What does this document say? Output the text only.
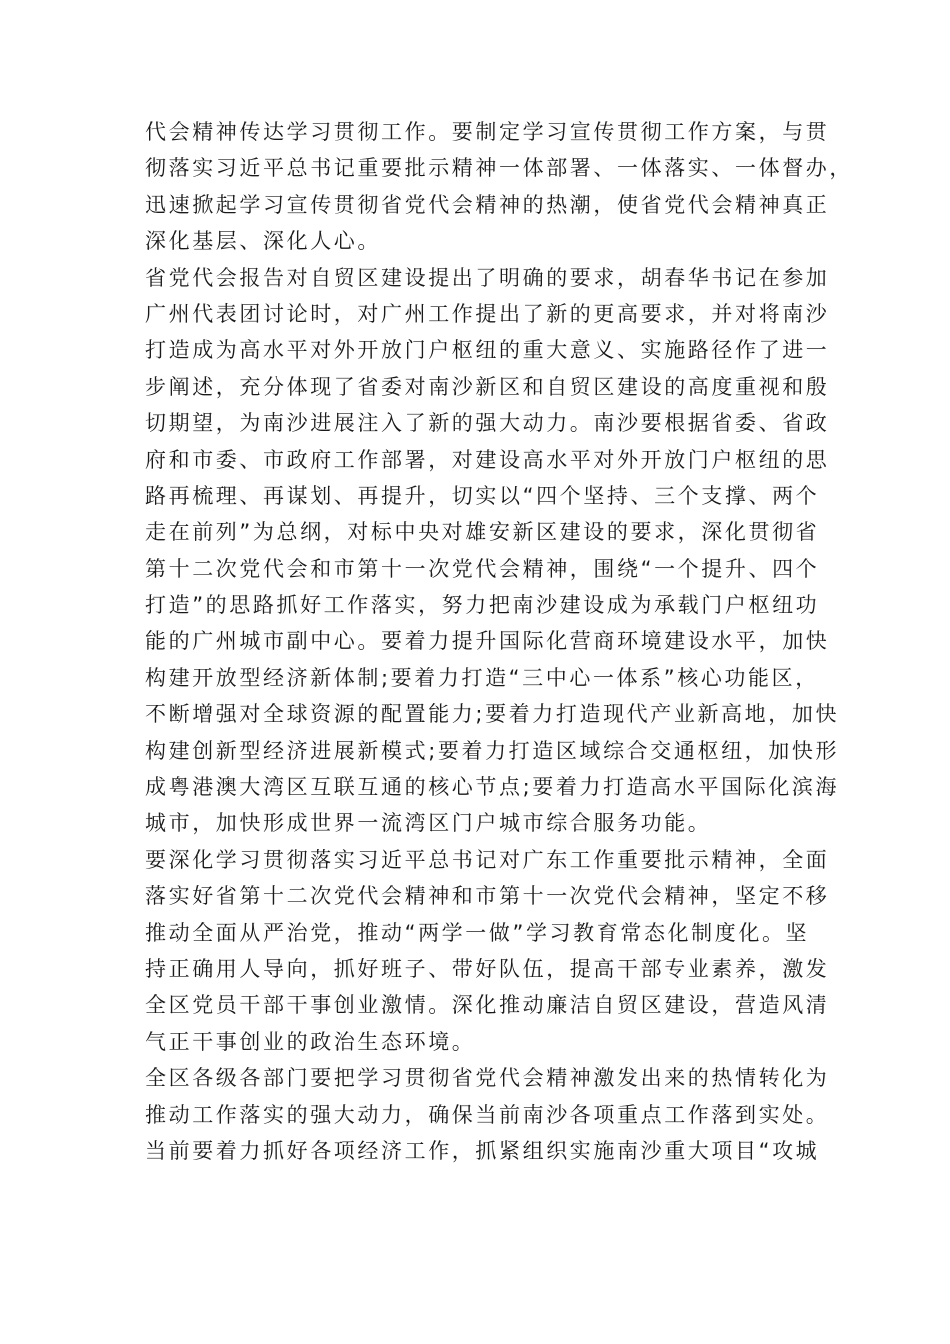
代会精神传达学习贯彻工作。要制定学习宣传贯彻工作方案，与贯
彻落实习近平总书记重要批示精神一体部署、一体落实、一体督办，
迅速掀起学习宣传贯彻省党代会精神的热潮，使省党代会精神真正
深化基层、深化人心。

省党代会报告对自贸区建设提出了明确的要求，胡春华书记在参加
广州代表团讨论时，对广州工作提出了新的更高要求，并对将南沙
打造成为高水平对外开放门户枢纽的重大意义、实施路径作了进一
步阐述，充分体现了省委对南沙新区和自贸区建设的高度重视和殷
切期望，为南沙进展注入了新的强大动力。南沙要根据省委、省政
府和市委、市政府工作部署，对建设高水平对外开放门户枢纽的思
路再梳理、再谋划、再提升，切实以“四个坚持、三个支撑、两个
走在前列”为总纲，对标中央对雄安新区建设的要求，深化贯彻省
第十二次党代会和市第十一次党代会精神，围绕“一个提升、四个
打造”的思路抓好工作落实，努力把南沙建设成为承载门户枢纽功
能的广州城市副中心。要着力提升国际化营商环境建设水平，加快
构建开放型经济新体制;要着力打造“三中心一体系”核心功能区，
不断增强对全球资源的配置能力;要着力打造现代产业新高地，加快
构建创新型经济进展新模式;要着力打造区域综合交通枢纽，加快形
成粤港澳大湾区互联互通的核心节点;要着力打造高水平国际化滨海
城市，加快形成世界一流湾区门户城市综合服务功能。

要深化学习贯彻落实习近平总书记对广东工作重要批示精神，全面
落实好省第十二次党代会精神和市第十一次党代会精神，坚定不移
推动全面从严治党，推动“两学一做”学习教育常态化制度化。坚
持正确用人导向，抓好班子、带好队伍，提高干部专业素养，激发
全区党员干部干事创业激情。深化推动廉洁自贸区建设，营造风清
气正干事创业的政治生态环境。

全区各级各部门要把学习贯彻省党代会精神激发出来的热情转化为
推动工作落实的强大动力，确保当前南沙各项重点工作落到实处。
当前要着力抓好各项经济工作，抓紧组织实施南沙重大项目“攻城
